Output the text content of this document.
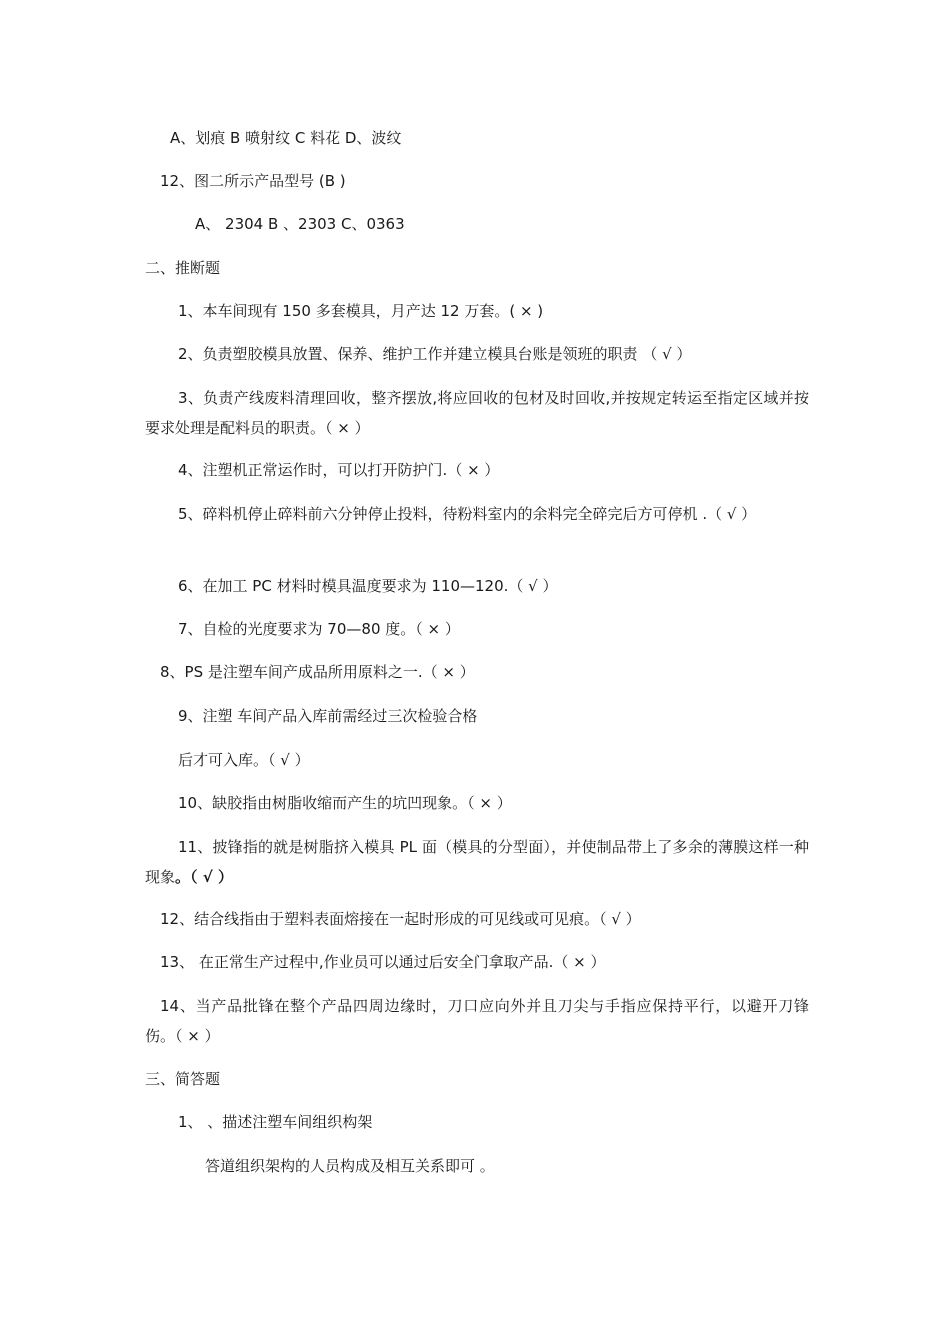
A、划痕 B 喷射纹 C 料花 D、波纹
12、图二所示产品型号 (B )
A、 2304 B 、2303 C、0363
二、推断题
1、本车间现有 150 多套模具，月产达 12 万套。( × )
2、负责塑胶模具放置、保养、维护工作并建立模具台账是领班的职责 （ √ ）
3、负责产线废料清理回收，整齐摆放,将应回收的包材及时回收,并按规定转运至指定区域并按要求处理是配料员的职责。（ × ）
4、注塑机正常运作时，可以打开防护门.（ × ）
5、碎料机停止碎料前六分钟停止投料，待粉料室内的余料完全碎完后方可停机 .（ √ ）
6、在加工 PC 材料时模具温度要求为 110—120.（ √ ）
7、自检的光度要求为 70—80 度。（ × ）
8、PS 是注塑车间产成品所用原料之一.（ × ）
9、注塑 车间产品入库前需经过三次检验合格
后才可入库。（ √ ）
10、缺胶指由树脂收缩而产生的坑凹现象。（ × ）
11、披锋指的就是树脂挤入模具 PL 面（模具的分型面），并使制品带上了多余的薄膜这样一种现象。（ √ ）
12、结合线指由于塑料表面熔接在一起时形成的可见线或可见痕。（ √ ）
13、 在正常生产过程中,作业员可以通过后安全门拿取产品.（ × ）
14、当产品批锋在整个产品四周边缘时，刀口应向外并且刀尖与手指应保持平行，以避开刀锋伤。（ × ）
三、简答题
1、 、描述注塑车间组织构架
答道组织架构的人员构成及相互关系即可 。
